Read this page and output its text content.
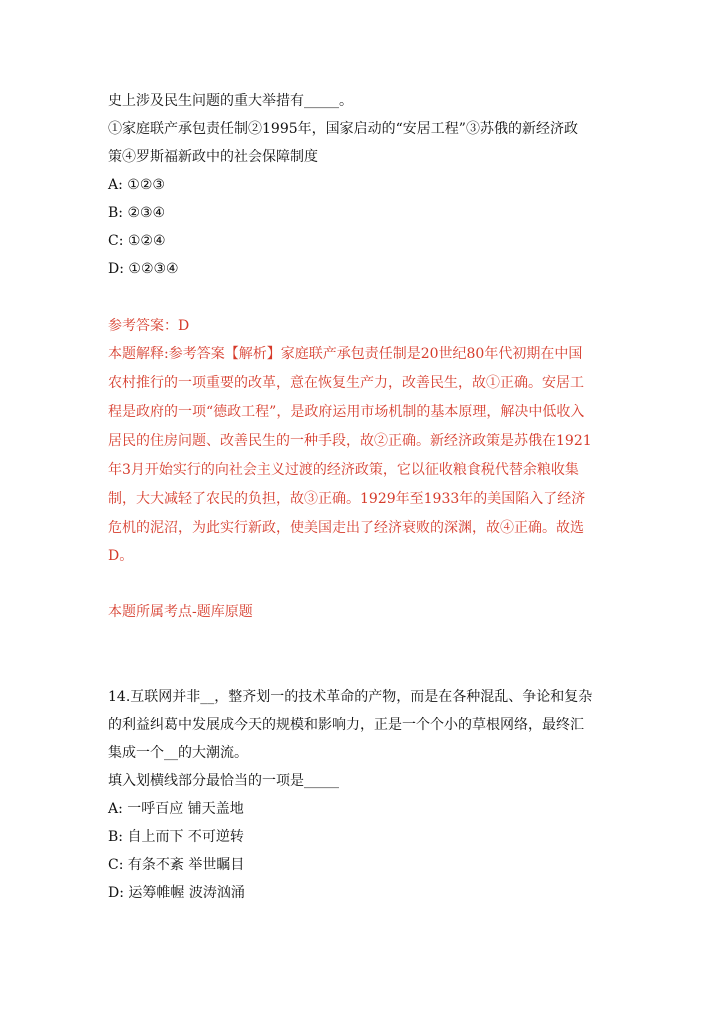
史上涉及民生问题的重大举措有_____。
①家庭联产承包责任制②1995年，国家启动的“安居工程”③苏俄的新经济政
策④罗斯福新政中的社会保障制度
A: ①②③
B: ②③④
C: ①②④
D: ①②③④
参考答案：D
本题解释:参考答案【解析】家庭联产承包责任制是20世纪80年代初期在中国
农村推行的一项重要的改革，意在恢复生产力，改善民生，故①正确。安居工
程是政府的一项“德政工程”，是政府运用市场机制的基本原理，解决中低收入
居民的住房问题、改善民生的一种手段，故②正确。新经济政策是苏俄在1921
年3月开始实行的向社会主义过渡的经济政策，它以征收粮食税代替余粮收集
制，大大减轻了农民的负担，故③正确。1929年至1933年的美国陷入了经济
危机的泥沼，为此实行新政，使美国走出了经济衰败的深渊，故④正确。故选
D。
本题所属考点-题库原题
14.互联网并非__，整齐划一的技术革命的产物，而是在各种混乱、争论和复杂
的利益纠葛中发展成今天的规模和影响力，正是一个个小的草根网络，最终汇
集成一个__的大潮流。
填入划横线部分最恰当的一项是_____
A: 一呼百应 铺天盖地
B: 自上而下 不可逆转
C: 有条不紊 举世瞩目
D: 运筹帷幄 波涛汹涌
